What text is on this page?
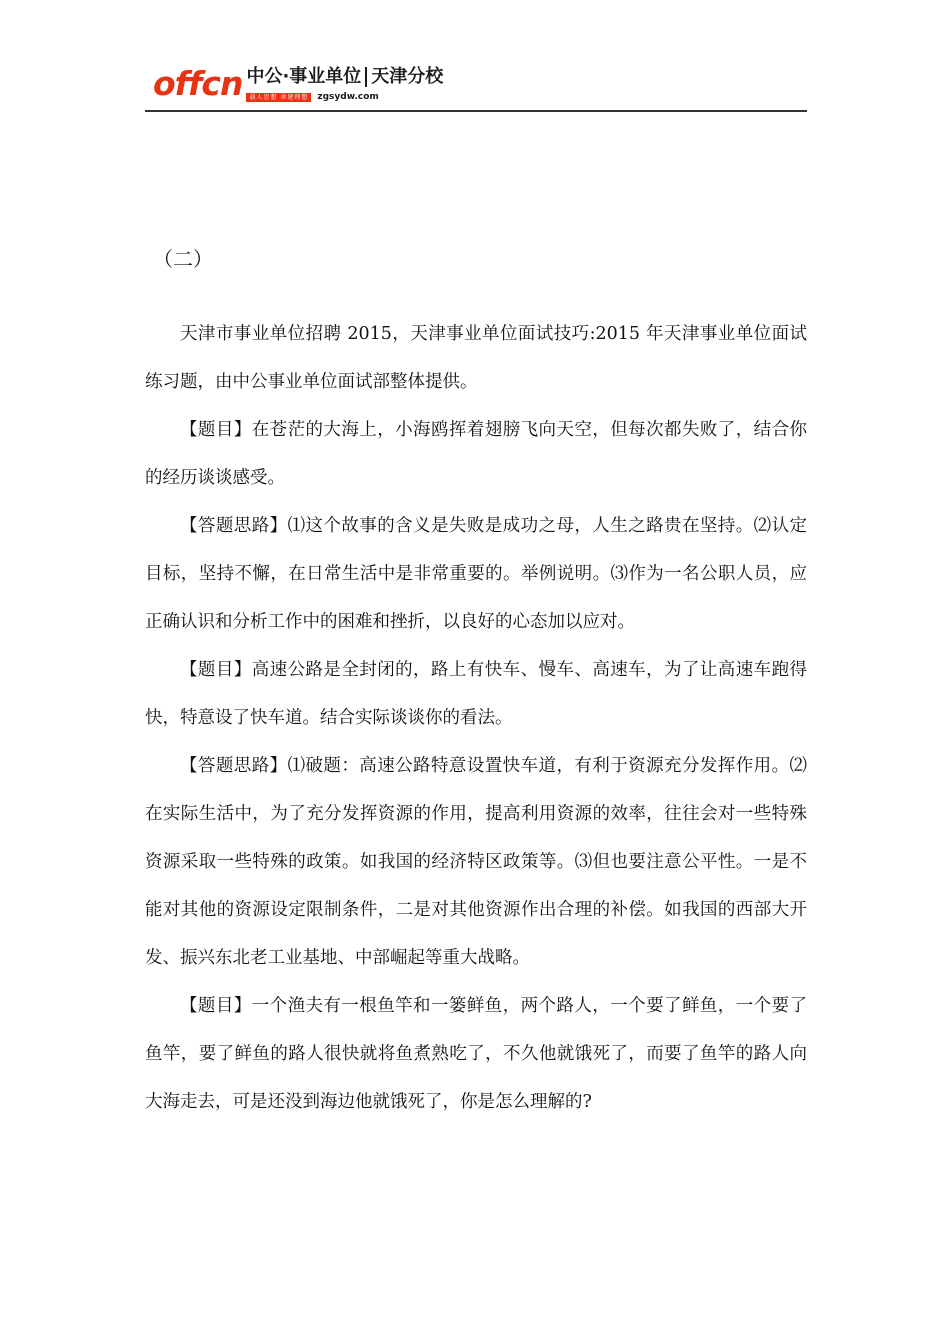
offcn 中公·事业单位 天津分校
载人思想 承建理想	zgsydw.com
（二）

天津市事业单位招聘 2015，天津事业单位面试技巧:2015 年天津事业单位面试练习题，由中公事业单位面试部整体提供。

【题目】在苍茫的大海上，小海鸥挥着翅膀飞向天空，但每次都失败了，结合你的经历谈谈感受。

【答题思路】⑴这个故事的含义是失败是成功之母，人生之路贵在坚持。⑵认定目标，坚持不懈，在日常生活中是非常重要的。举例说明。⑶作为一名公职人员，应正确认识和分析工作中的困难和挫折，以良好的心态加以应对。

【题目】高速公路是全封闭的，路上有快车、慢车、高速车，为了让高速车跑得快，特意设了快车道。结合实际谈谈你的看法。

【答题思路】⑴破题：高速公路特意设置快车道，有利于资源充分发挥作用。⑵在实际生活中，为了充分发挥资源的作用，提高利用资源的效率，往往会对一些特殊资源采取一些特殊的政策。如我国的经济特区政策等。⑶但也要注意公平性。一是不能对其他的资源设定限制条件，二是对其他资源作出合理的补偿。如我国的西部大开发、振兴东北老工业基地、中部崛起等重大战略。

【题目】一个渔夫有一根鱼竿和一篓鲜鱼，两个路人，一个要了鲜鱼，一个要了鱼竿，要了鲜鱼的路人很快就将鱼煮熟吃了，不久他就饿死了，而要了鱼竿的路人向大海走去，可是还没到海边他就饿死了，你是怎么理解的?
